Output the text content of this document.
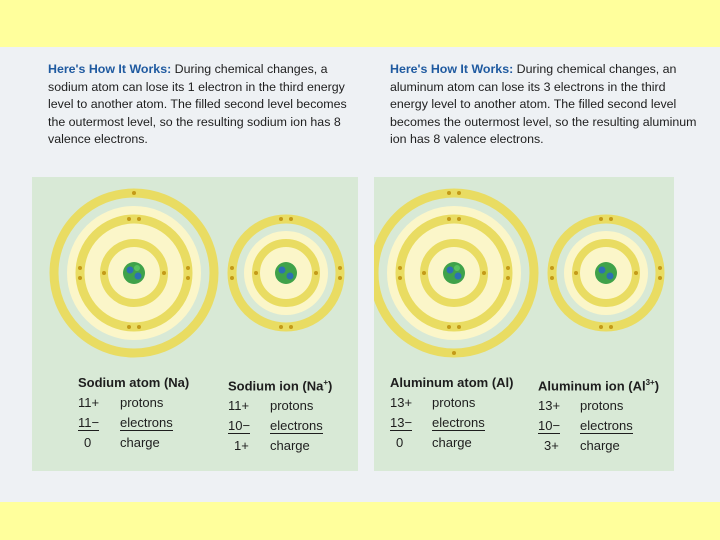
Here's How It Works: During chemical changes, a sodium atom can lose its 1 electron in the third energy level to another atom. The filled second level becomes the outermost level, so the resulting sodium ion has 8 valence electrons.
Sodium atom (Na)
11+	protons
11−	electrons
0	charge
Sodium ion (Na+)
11+	protons
10−	electrons
1+	charge
Here's How It Works: During chemical changes, an aluminum atom can lose its 3 electrons in the third energy level to another atom. The filled second level becomes the outermost level, so the resulting aluminum ion has 8 valence electrons.
Aluminum atom (Al)
13+	protons
13−	electrons
0	charge
Aluminum ion $(Al^{3+})$
13+	protons
10−	electrons
3+	charge
